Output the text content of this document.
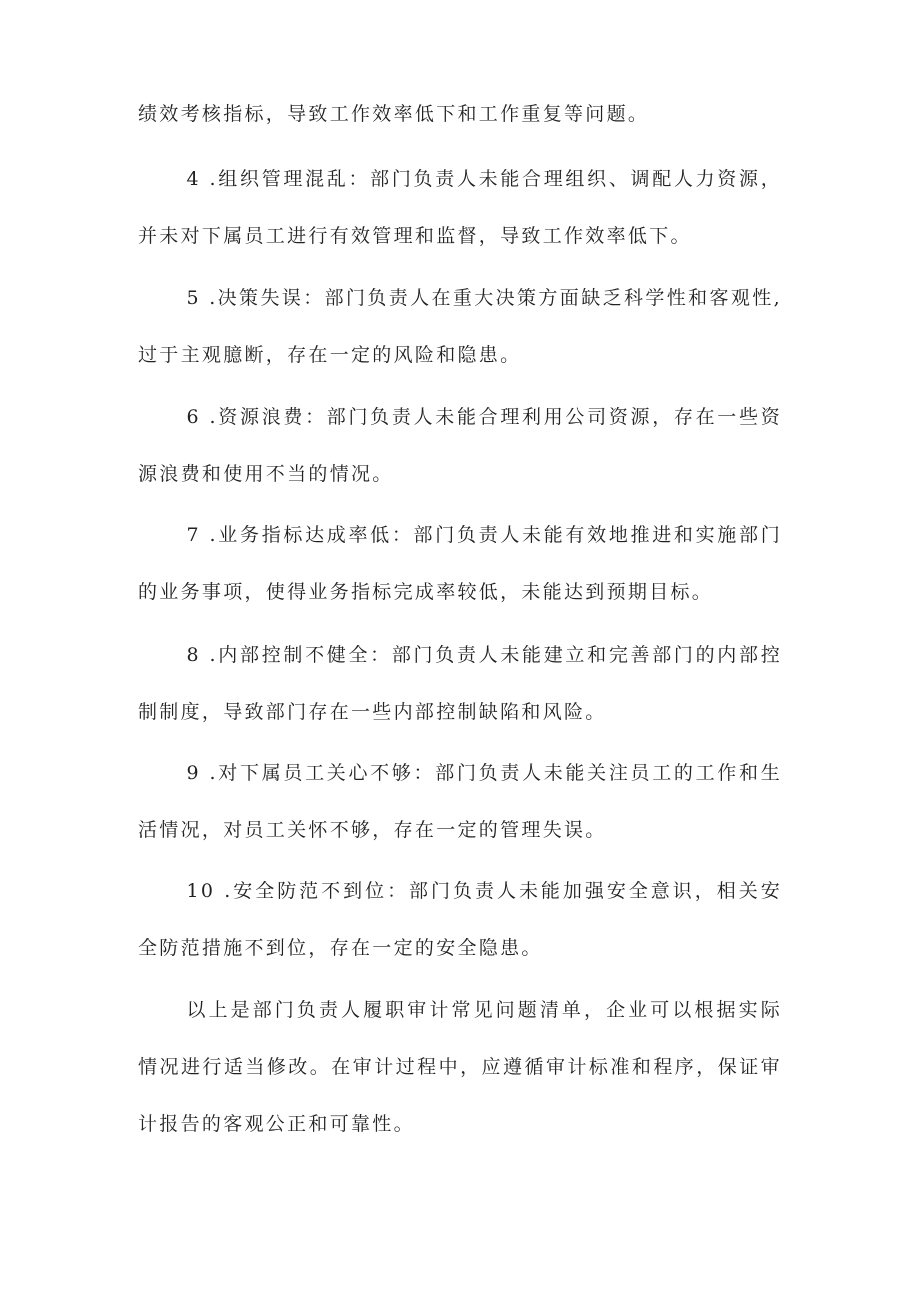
绩效考核指标，导致工作效率低下和工作重复等问题。

4 .组织管理混乱：部门负责人未能合理组织、调配人力资源，并未对下属员工进行有效管理和监督，导致工作效率低下。

5 .决策失误：部门负责人在重大决策方面缺乏科学性和客观性,过于主观臆断，存在一定的风险和隐患。

6 .资源浪费：部门负责人未能合理利用公司资源，存在一些资源浪费和使用不当的情况。

7 .业务指标达成率低：部门负责人未能有效地推进和实施部门的业务事项，使得业务指标完成率较低，未能达到预期目标。

8 .内部控制不健全：部门负责人未能建立和完善部门的内部控制制度，导致部门存在一些内部控制缺陷和风险。

9 .对下属员工关心不够：部门负责人未能关注员工的工作和生活情况，对员工关怀不够，存在一定的管理失误。

10 .安全防范不到位：部门负责人未能加强安全意识，相关安全防范措施不到位，存在一定的安全隐患。

以上是部门负责人履职审计常见问题清单，企业可以根据实际情况进行适当修改。在审计过程中，应遵循审计标准和程序，保证审计报告的客观公正和可靠性。
